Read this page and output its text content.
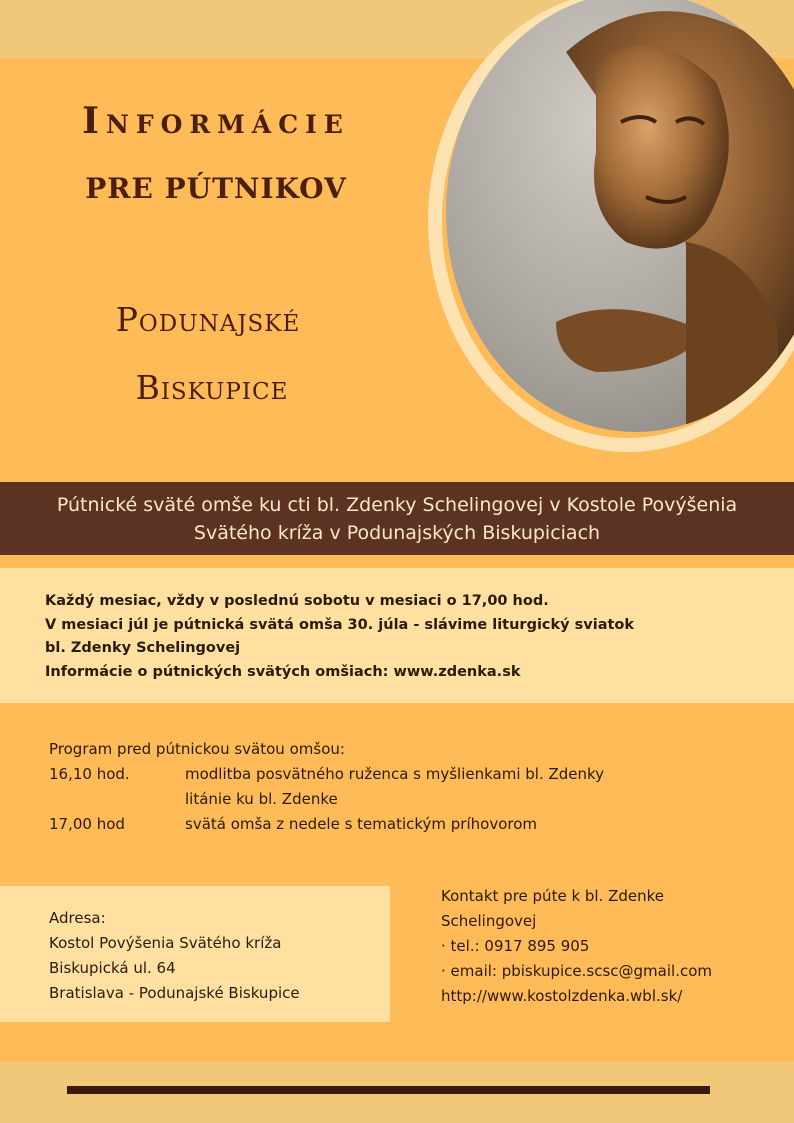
Informácie
PRE PÚTNIKOV
Podunajské
Biskupice
Pútnické sväté omše ku cti bl. Zdenky Schelingovej v Kostole Povýšenia
Svätého kríža v Podunajských Biskupiciach
Každý mesiac, vždy v poslednú sobotu v mesiaci o 17,00 hod.
V mesiaci júl je pútnická svätá omša 30. júla - slávime liturgický sviatok
bl. Zdenky Schelingovej
Informácie o pútnických svätých omšiach: www.zdenka.sk
Program pred pútnickou svätou omšou:
16,10 hod.	modlitba posvätného ruženca s myšlienkami bl. Zdenky
litánie ku bl. Zdenke
17,00 hod	svätá omša z nedele s tematickým príhovorom
Adresa:
Kostol Povýšenia Svätého kríža
Biskupická ul. 64
Bratislava - Podunajské Biskupice
Kontakt pre púte k bl. Zdenke
Schelingovej
· tel.: 0917 895 905
· email: pbiskupice.scsc@gmail.com
http://www.kostolzdenka.wbl.sk/
